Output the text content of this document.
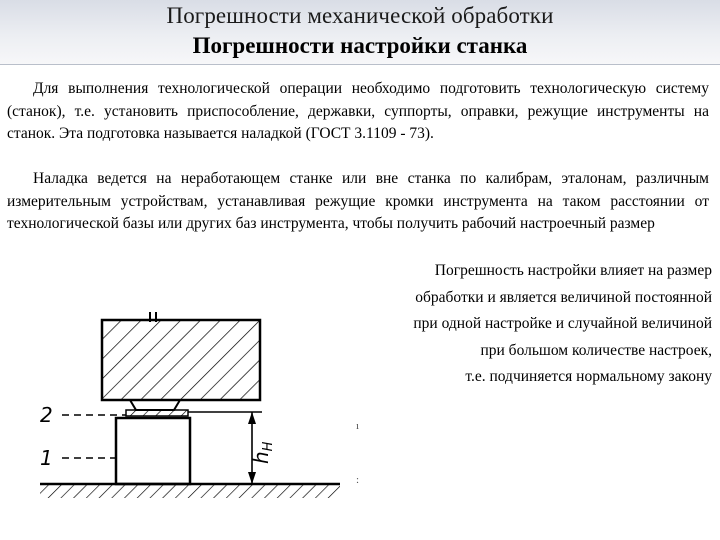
Погрешности механической обработки
Погрешности настройки станка
Для выполнения технологической операции необходимо подготовить технологическую систему (станок), т.е. установить приспособление, державки, суппорты, оправки, режущие инструменты на станок. Эта подготовка называется наладкой (ГОСТ 3.1109 - 73).
Наладка ведется на неработающем станке или вне станка по калибрам, эталонам, различным измерительным устройствам, устанавливая режущие кромки инструмента на таком расстоянии от технологической базы или других баз инструмента, чтобы получить рабочий настроечный размер
Погрешность настройки влияет на размер
обработки и является величиной постоянной
при одной настройке и случайной величиной
при большом количестве настроек,
т.е. подчиняется нормальному закону
ı
:
2
1	$h_Н$
